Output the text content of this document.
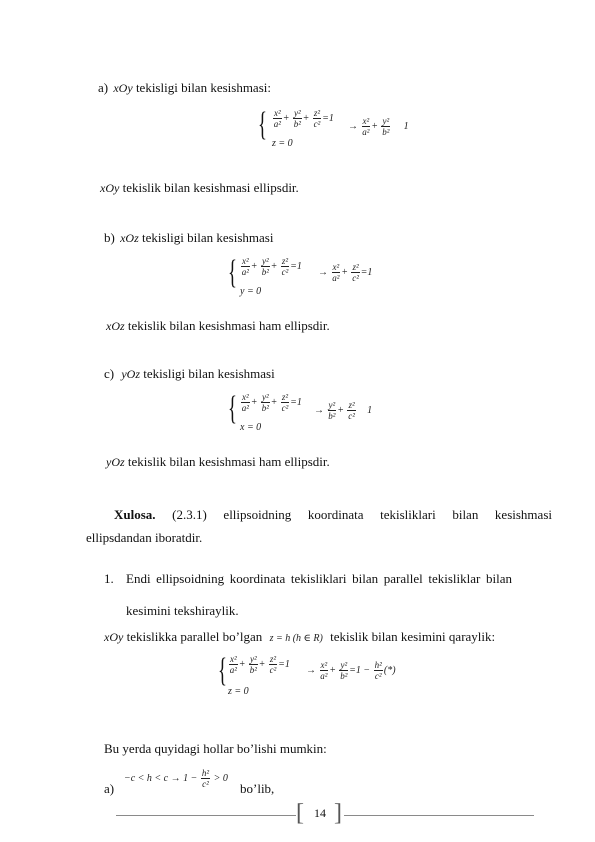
a) xOy tekisligi bilan kesishmasi:
{ $\frac{\text{x²}}{\text{a²}} + \frac{\text{y²}}{\text{b²}} + \frac{\text{z²}}{\text{c²}} =1$
z = 0
→ $\frac{\text{x²}}{\text{a²}} + \frac{\text{y²}}{\text{b²}} 1$
xOy tekislik bilan kesishmasi ellipsdir.
b) xOz tekisligi bilan kesishmasi
{ $\frac{\text{x²}}{\text{a²}} + \frac{\text{y²}}{\text{b²}} + \frac{\text{z²}}{\text{c²}} =1$
y = 0
→ $\frac{\text{x²}}{\text{a²}} + \frac{\text{z²}}{\text{c²}} =1$
xOz tekislik bilan kesishmasi ham ellipsdir.
c) yOz tekisligi bilan kesishmasi
{ $\frac{\text{x²}}{\text{a²}} + \frac{\text{y²}}{\text{b²}} + \frac{\text{z²}}{\text{c²}} =1$
x = 0
→ $\frac{\text{y²}}{\text{b²}} + \frac{\text{z²}}{\text{c²}} 1$
yOz tekislik bilan kesishmasi ham ellipsdir.
Xulosa. (2.3.1) ellipsoidning koordinata tekisliklari bilan kesishmasi
ellipsdandan iboratdir.
1. Endi ellipsoidning koordinata tekisliklari bilan parallel tekisliklar bilan
kesimini tekshiraylik.
xOy tekislikka parallel bo’lgan z = h (h ∈ R) tekislik bilan kesimini qaraylik:
{ $\frac{\text{x²}}{\text{a²}} + \frac{\text{y²}}{\text{b²}} + \frac{\text{z²}}{\text{c²}} =1$
z = 0
→ $\frac{\text{x²}}{\text{a²}} + \frac{\text{y²}}{\text{b²}} =1 - \frac{\text{h²}}{\text{c²}}$ (*)
Bu yerda quyidagi hollar bo’lishi mumkin:
a)
$-c < h < c \to 1 - \frac{\text{h²}}{\text{c²}} > 0$
bo’lib,
[ ]
14
